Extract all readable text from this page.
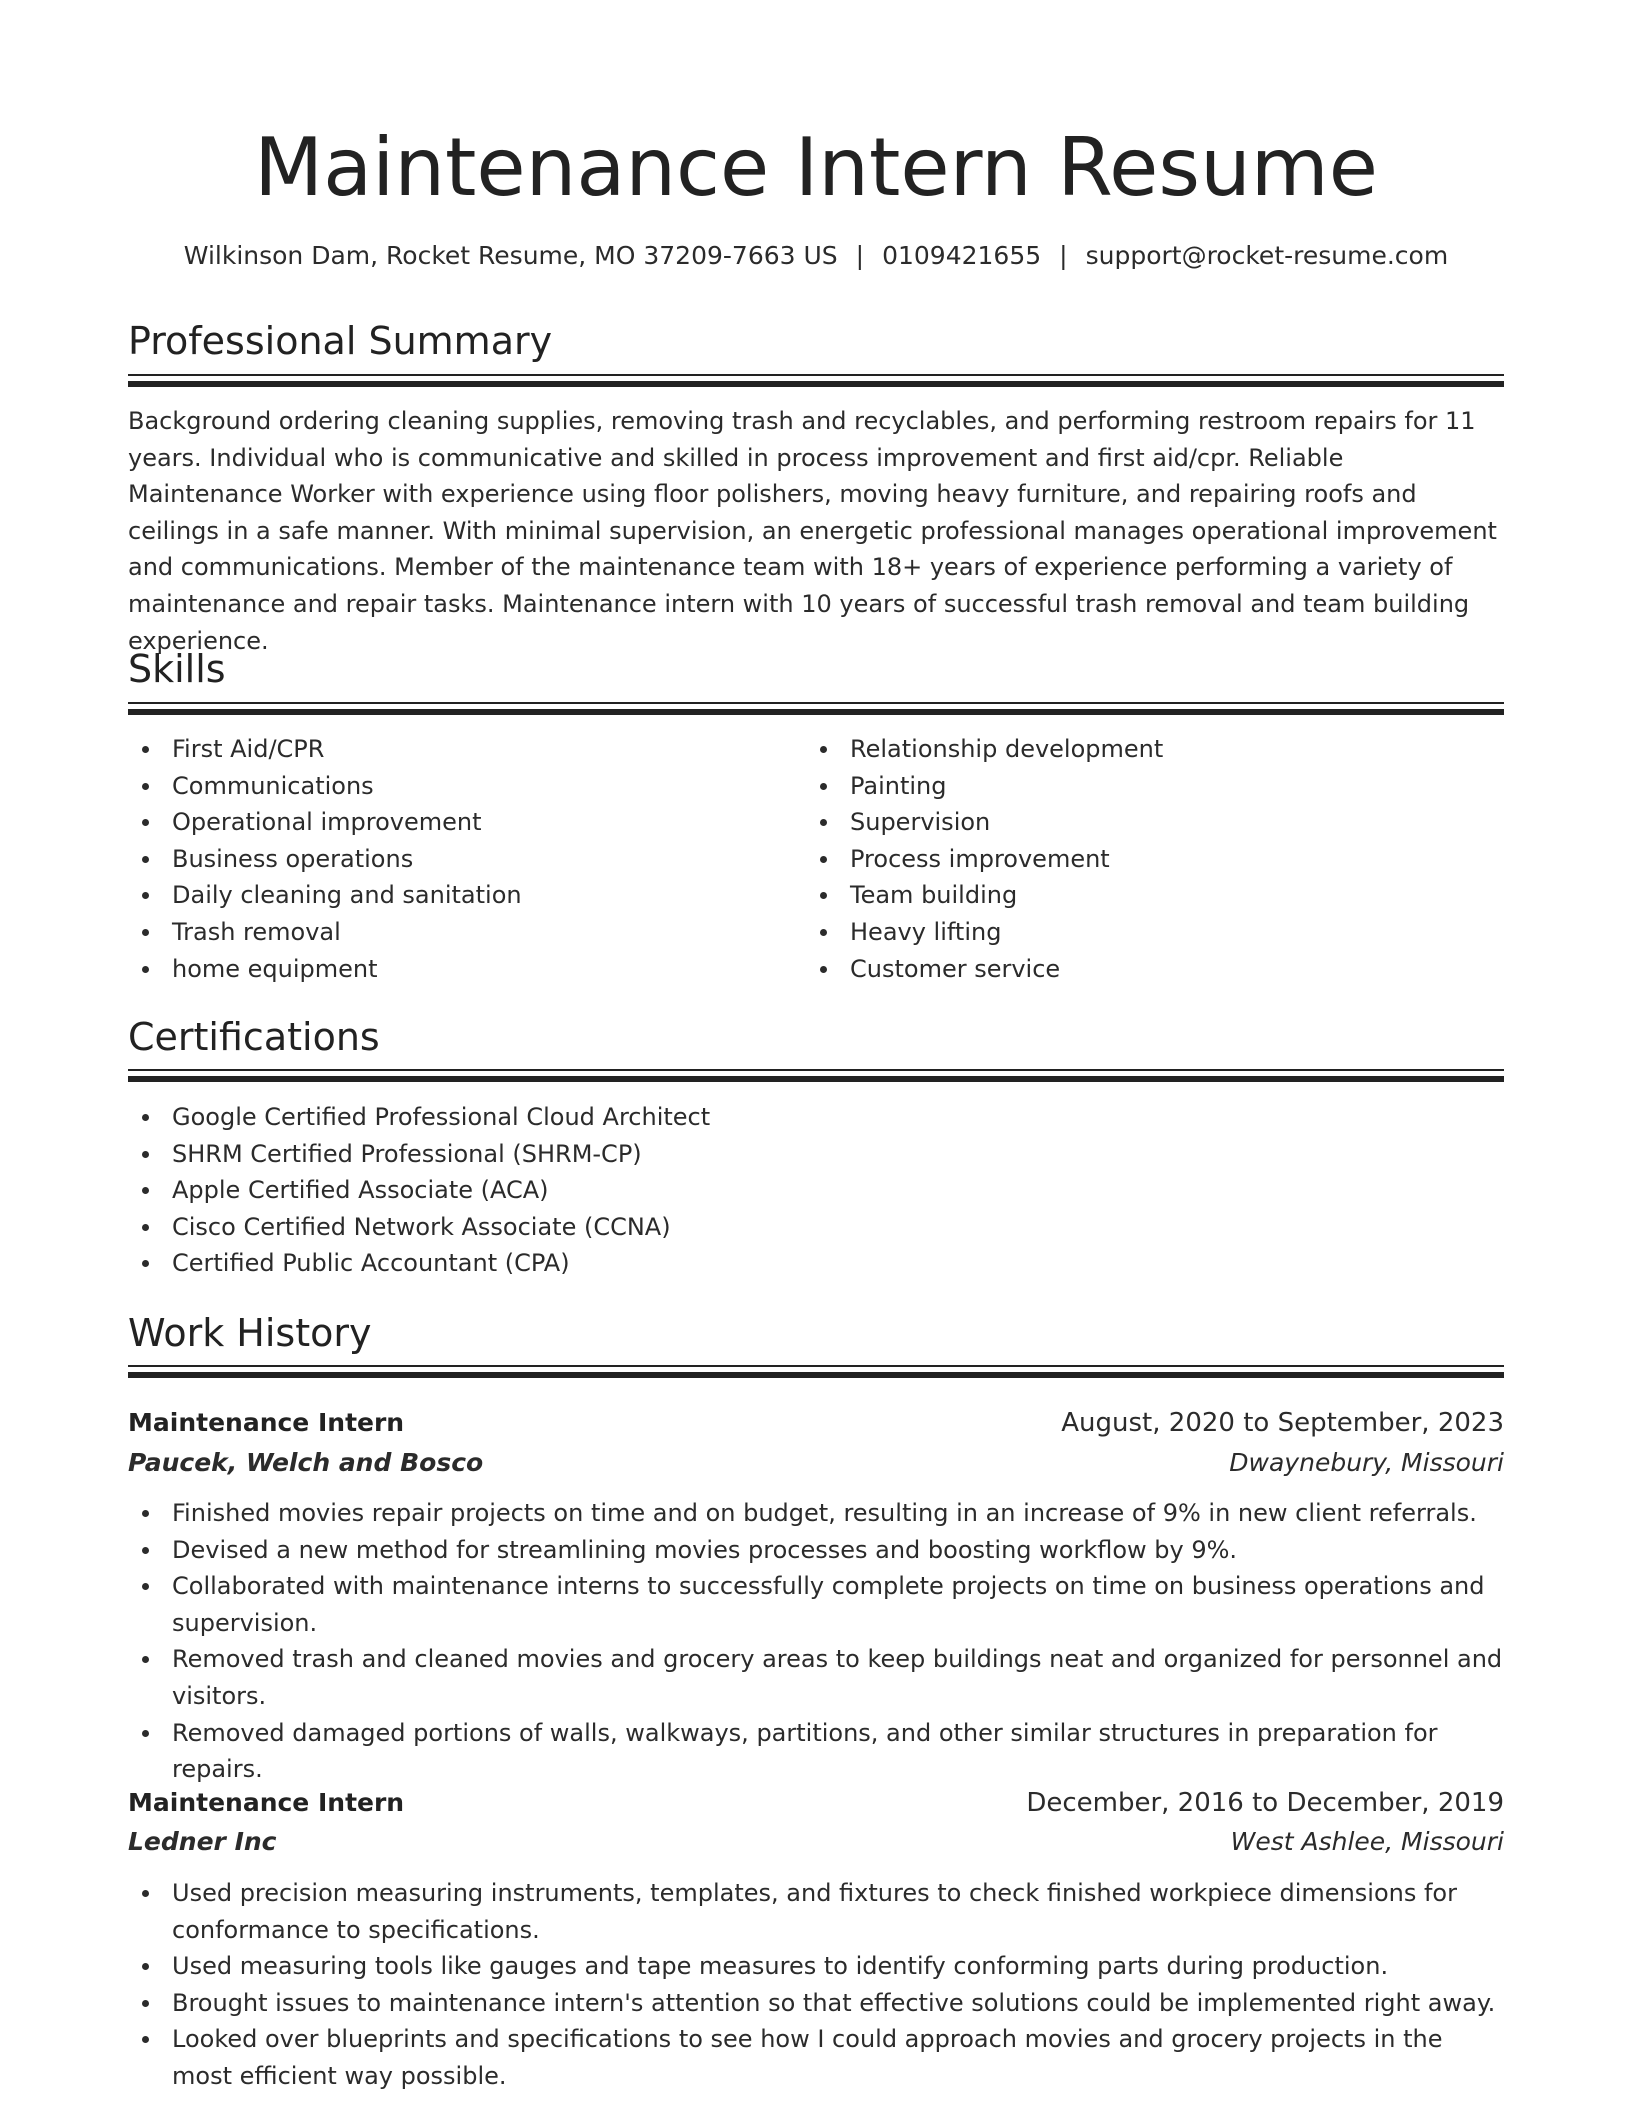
Maintenance Intern Resume
Wilkinson Dam, Rocket Resume, MO 37209-7663 US | 0109421655 | support@rocket-resume.com
Professional Summary

Background ordering cleaning supplies, removing trash and recyclables, and performing restroom repairs for 11 years. Individual who is communicative and skilled in process improvement and first aid/cpr. Reliable Maintenance Worker with experience using floor polishers, moving heavy furniture, and repairing roofs and ceilings in a safe manner. With minimal supervision, an energetic professional manages operational improvement and communications. Member of the maintenance team with 18+ years of experience performing a variety of maintenance and repair tasks. Maintenance intern with 10 years of successful trash removal and team building experience.

Skills
First Aid/CPR
Communications
Operational improvement
Business operations
Daily cleaning and sanitation
Trash removal
home equipment
Relationship development
Painting
Supervision
Process improvement
Team building
Heavy lifting
Customer service
Certifications
Google Certified Professional Cloud Architect
SHRM Certified Professional (SHRM-CP)
Apple Certified Associate (ACA)
Cisco Certified Network Associate (CCNA)
Certified Public Accountant (CPA)
Work History
Maintenance Intern	August, 2020 to September, 2023
Paucek, Welch and Bosco	Dwaynebury, Missouri
Finished movies repair projects on time and on budget, resulting in an increase of 9% in new client referrals.
Devised a new method for streamlining movies processes and boosting workflow by 9%.
Collaborated with maintenance interns to successfully complete projects on time on business operations and supervision.
Removed trash and cleaned movies and grocery areas to keep buildings neat and organized for personnel and visitors.
Removed damaged portions of walls, walkways, partitions, and other similar structures in preparation for repairs.
Maintenance Intern	December, 2016 to December, 2019
Ledner Inc	West Ashlee, Missouri
Used precision measuring instruments, templates, and fixtures to check finished workpiece dimensions for conformance to specifications.
Used measuring tools like gauges and tape measures to identify conforming parts during production.
Brought issues to maintenance intern's attention so that effective solutions could be implemented right away.
Looked over blueprints and specifications to see how I could approach movies and grocery projects in the most efficient way possible.
